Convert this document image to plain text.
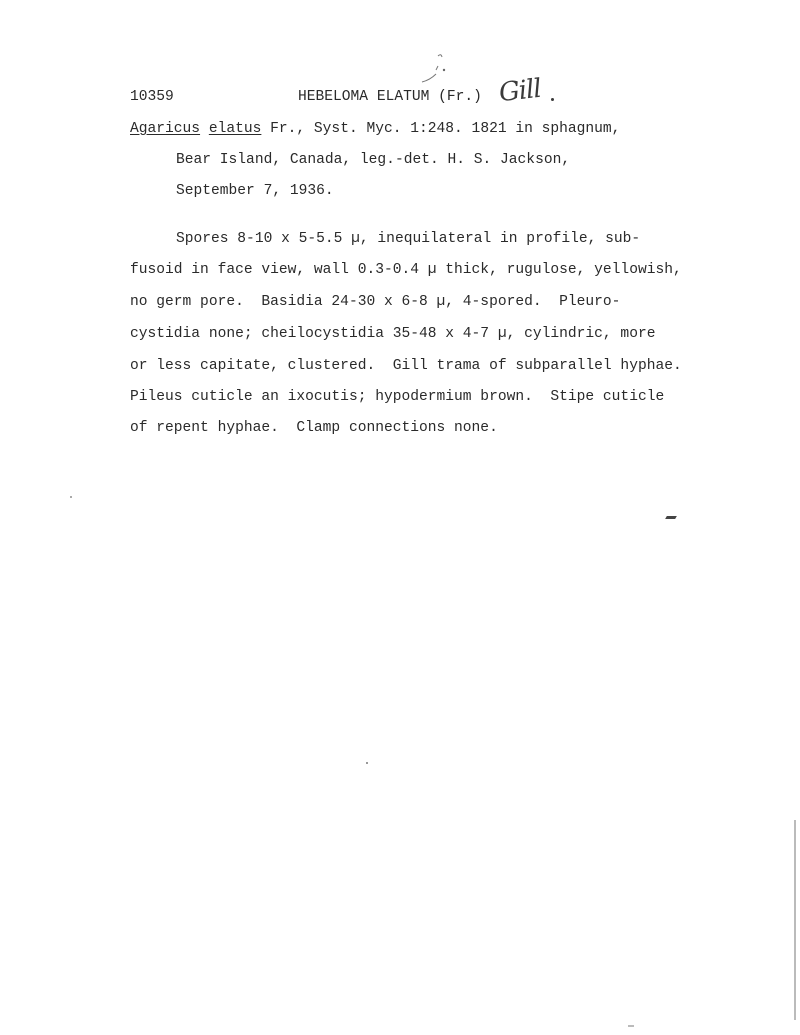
10359	HEBELOMA ELATUM (Fr.) Gill
Agaricus elatus Fr., Syst. Myc. 1:248. 1821 in sphagnum,
Bear Island, Canada, leg.-det. H. S. Jackson,
September 7, 1936.
Spores 8-10 x 5-5.5 µ, inequilateral in profile, sub-
fusoid in face view, wall 0.3-0.4 µ thick, rugulose, yellowish,
no germ pore.  Basidia 24-30 x 6-8 µ, 4-spored.  Pleuro-
cystidia none; cheilocystidia 35-48 x 4-7 µ, cylindric, more
or less capitate, clustered.  Gill trama of subparallel hyphae.
Pileus cuticle an ixocutis; hypodermium brown.  Stipe cuticle
of repent hyphae.  Clamp connections none.
